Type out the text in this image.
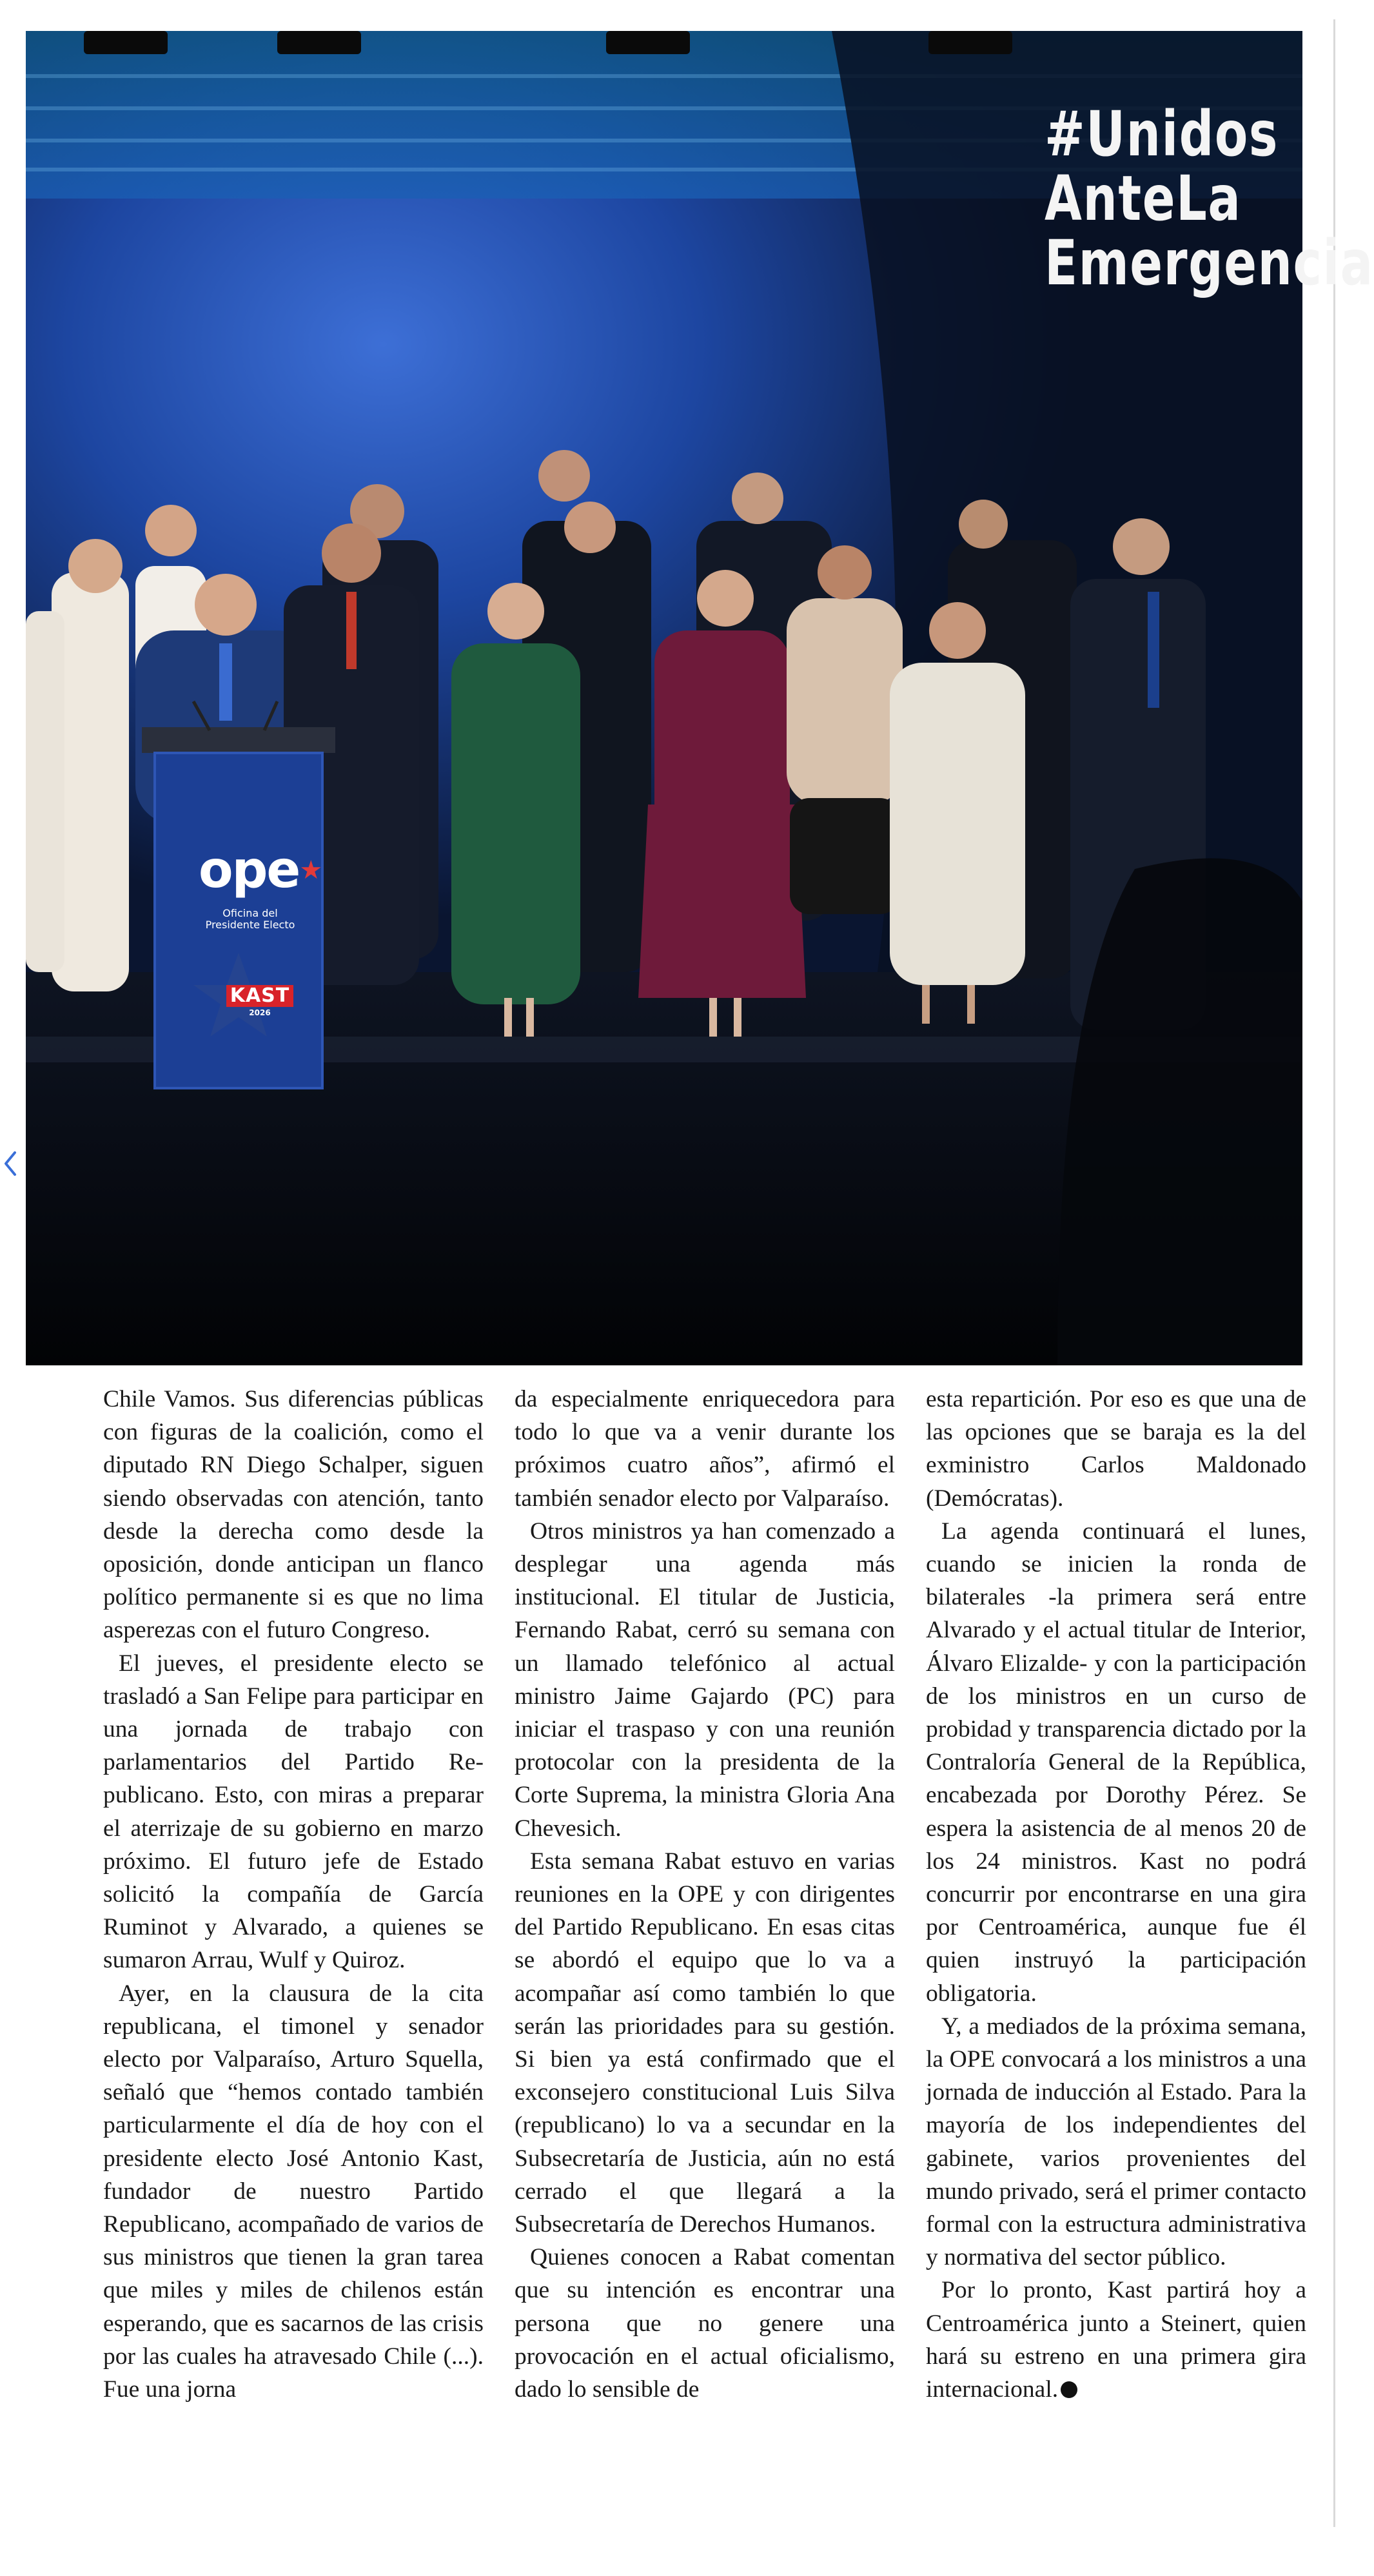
#Unidos
AnteLa
Emergencia
ope★
Oficina del
Presidente Electo
KAST
2026

Chile Vamos. Sus diferencias públicas con figuras de la coalición, como el diputado RN Diego Schalper, siguen siendo observadas con atención, tanto desde la derecha como desde la oposición, donde anticipan un flanco político permanente si es que no lima asperezas con el futuro Congreso.

El jueves, el presidente electo se trasladó a San Felipe para participar en una jornada de trabajo con parlamentarios del Partido Republicano. Esto, con miras a preparar el aterrizaje de su gobierno en marzo próximo. El futuro jefe de Estado solicitó la compañía de García Ruminot y Alvarado, a quienes se sumaron Arrau, Wulf y Quiroz.

Ayer, en la clausura de la cita republicana, el timonel y senador electo por Valparaíso, Arturo Squella, señaló que “hemos contado también particularmente el día de hoy con el presidente electo José Antonio Kast, fundador de nuestro Partido Republicano, acompañado de varios de sus ministros que tienen la gran tarea que miles y miles de chilenos están esperando, que es sacarnos de las crisis por las cuales ha atravesado Chile (...). Fue una jorna

da especialmente enriquecedora para todo lo que va a venir durante los próximos cuatro años”, afirmó el también senador electo por Valparaíso.

Otros ministros ya han comenzado a desplegar una agenda más institucional. El titular de Justicia, Fernando Rabat, cerró su semana con un llamado telefónico al actual ministro Jaime Gajardo (PC) para iniciar el traspaso y con una reunión protocolar con la presidenta de la Corte Suprema, la ministra Gloria Ana Chevesich.

Esta semana Rabat estuvo en varias reuniones en la OPE y con dirigentes del Partido Republicano. En esas citas se abordó el equipo que lo va a acompañar así como también lo que serán las prioridades para su gestión. Si bien ya está confirmado que el exconsejero constitucional Luis Silva (republicano) lo va a secundar en la Subsecretaría de Justicia, aún no está cerrado el que llegará a la Subsecretaría de Derechos Humanos.

Quienes conocen a Rabat comentan que su intención es encontrar una persona que no genere una provocación en el actual oficialismo, dado lo sensible de

esta repartición. Por eso es que una de las opciones que se baraja es la del exministro Carlos Maldonado (Demócratas).

La agenda continuará el lunes, cuando se inicien la ronda de bilaterales -la primera será entre Alvarado y el actual titular de Interior, Álvaro Elizalde- y con la participación de los ministros en un curso de probidad y transparencia dictado por la Contraloría General de la República, encabezada por Dorothy Pérez. Se espera la asistencia de al menos 20 de los 24 ministros. Kast no podrá concurrir por encontrarse en una gira por Centroamérica, aunque fue él quien instruyó la participación obligatoria.

Y, a mediados de la próxima semana, la OPE convocará a los ministros a una jornada de inducción al Estado. Para la mayoría de los independientes del gabinete, varios provenientes del mundo privado, será el primer contacto formal con la estructura administrativa y normativa del sector público.

Por lo pronto, Kast partirá hoy a Centroamérica junto a Steinert, quien hará su estreno en una primera gira internacional.
